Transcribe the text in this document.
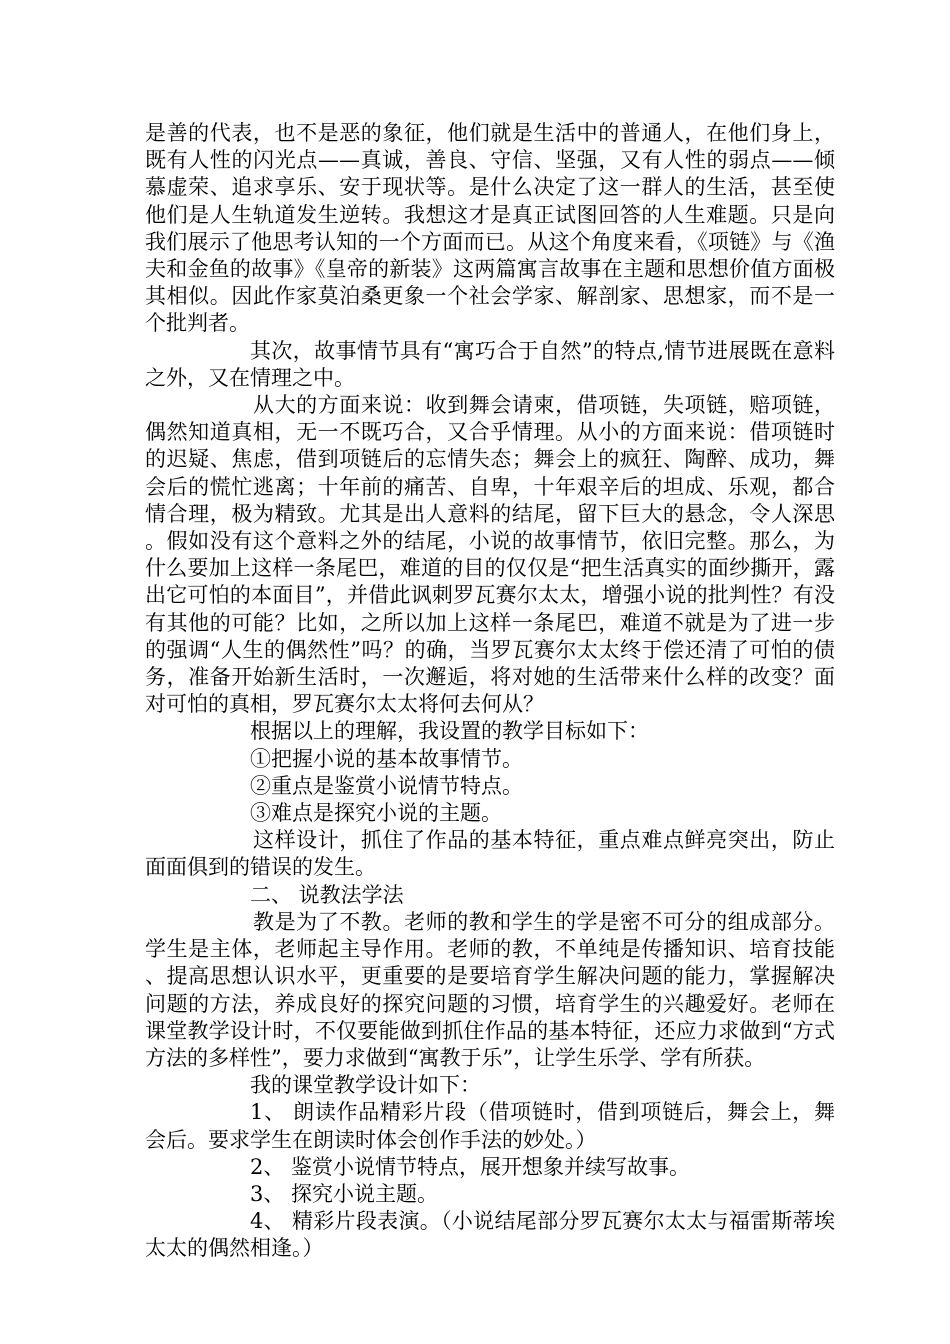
是善的代表，也不是恶的象征，他们就是生活中的普通人，在他们身上，既有人性的闪光点——真诚，善良、守信、坚强，又有人性的弱点——倾慕虚荣、追求享乐、安于现状等。是什么决定了这一群人的生活，甚至使他们是人生轨道发生逆转。我想这才是真正试图回答的人生难题。只是向我们展示了他思考认知的一个方面而已。从这个角度来看，《项链》与《渔夫和金鱼的故事》《皇帝的新装》这两篇寓言故事在主题和思想价值方面极其相似。因此作家莫泊桑更象一个社会学家、解剖家、思想家，而不是一个批判者。

其次，故事情节具有“寓巧合于自然”的特点,情节进展既在意料之外，又在情理之中。

从大的方面来说：收到舞会请柬，借项链，失项链，赔项链，偶然知道真相，无一不既巧合，又合乎情理。从小的方面来说：借项链时的迟疑、焦虑，借到项链后的忘情失态；舞会上的疯狂、陶醉、成功，舞会后的慌忙逃离；十年前的痛苦、自卑，十年艰辛后的坦成、乐观，都合情合理，极为精致。尤其是出人意料的结尾，留下巨大的悬念，令人深思。假如没有这个意料之外的结尾，小说的故事情节，依旧完整。那么，为什么要加上这样一条尾巴，难道的目的仅仅是“把生活真实的面纱撕开，露出它可怕的本面目”，并借此讽刺罗瓦赛尔太太，增强小说的批判性？有没有其他的可能？比如，之所以加上这样一条尾巴，难道不就是为了进一步的强调“人生的偶然性”吗？的确，当罗瓦赛尔太太终于偿还清了可怕的债务，准备开始新生活时，一次邂逅，将对她的生活带来什么样的改变？面对可怕的真相，罗瓦赛尔太太将何去何从？

根据以上的理解，我设置的教学目标如下：

①把握小说的基本故事情节。

②重点是鉴赏小说情节特点。

③难点是探究小说的主题。

这样设计，抓住了作品的基本特征，重点难点鲜亮突出，防止面面俱到的错误的发生。

二、 说教法学法

教是为了不教。老师的教和学生的学是密不可分的组成部分。学生是主体，老师起主导作用。老师的教，不单纯是传播知识、培育技能、提高思想认识水平，更重要的是要培育学生解决问题的能力，掌握解决问题的方法，养成良好的探究问题的习惯，培育学生的兴趣爱好。老师在课堂教学设计时，不仅要能做到抓住作品的基本特征，还应力求做到“方式方法的多样性”，要力求做到“寓教于乐”，让学生乐学、学有所获。

我的课堂教学设计如下：

1、 朗读作品精彩片段（借项链时，借到项链后，舞会上，舞会后。要求学生在朗读时体会创作手法的妙处。）

2、 鉴赏小说情节特点，展开想象并续写故事。

3、 探究小说主题。

4、 精彩片段表演。（小说结尾部分罗瓦赛尔太太与福雷斯蒂埃太太的偶然相逢。）
